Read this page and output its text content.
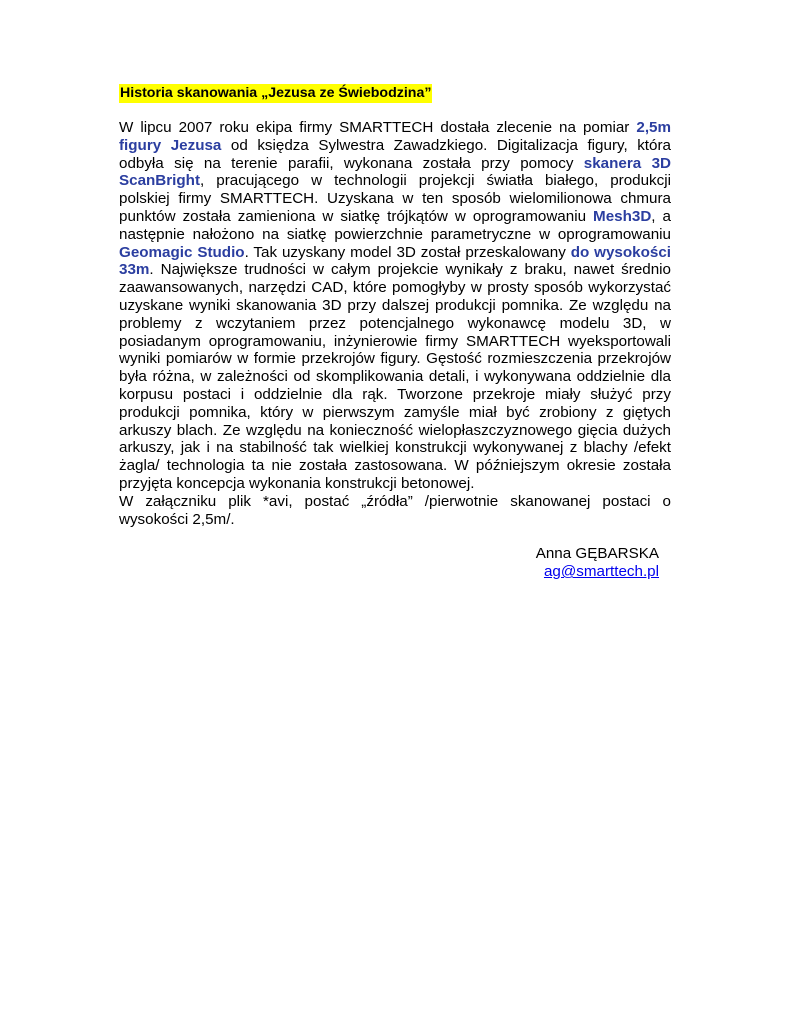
Historia skanowania „Jezusa ze Świebodzina”

W lipcu 2007 roku ekipa firmy SMARTTECH dostała zlecenie na pomiar 2,5m figury Jezusa od księdza Sylwestra Zawadzkiego. Digitalizacja figury, która odbyła się na terenie parafii, wykonana została przy pomocy skanera 3D ScanBright, pracującego w technologii projekcji światła białego, produkcji polskiej firmy SMARTTECH. Uzyskana w ten sposób wielomilionowa chmura punktów została zamieniona w siatkę trójkątów w oprogramowaniu Mesh3D, a następnie nałożono na siatkę powierzchnie parametryczne w oprogramowaniu Geomagic Studio. Tak uzyskany model 3D został przeskalowany do wysokości 33m. Największe trudności w całym projekcie wynikały z braku, nawet średnio zaawansowanych, narzędzi CAD, które pomogłyby w prosty sposób wykorzystać uzyskane wyniki skanowania 3D przy dalszej produkcji pomnika. Ze względu na problemy z wczytaniem przez potencjalnego wykonawcę modelu 3D, w posiadanym oprogramowaniu, inżynierowie firmy SMARTTECH wyeksportowali wyniki pomiarów w formie przekrojów figury. Gęstość rozmieszczenia przekrojów była różna, w zależności od skomplikowania detali, i wykonywana oddzielnie dla korpusu postaci i oddzielnie dla rąk. Tworzone przekroje miały służyć przy produkcji pomnika, który w pierwszym zamyśle miał być zrobiony z giętych arkuszy blach. Ze względu na konieczność wielopłaszczyznowego gięcia dużych arkuszy, jak i na stabilność tak wielkiej konstrukcji wykonywanej z blachy /efekt żagla/ technologia ta nie została zastosowana. W późniejszym okresie została przyjęta koncepcja wykonania konstrukcji betonowej.

W załączniku plik *avi, postać „źródła” /pierwotnie skanowanej postaci o wysokości 2,5m/.

Anna GĘBARSKA
ag@smarttech.pl
